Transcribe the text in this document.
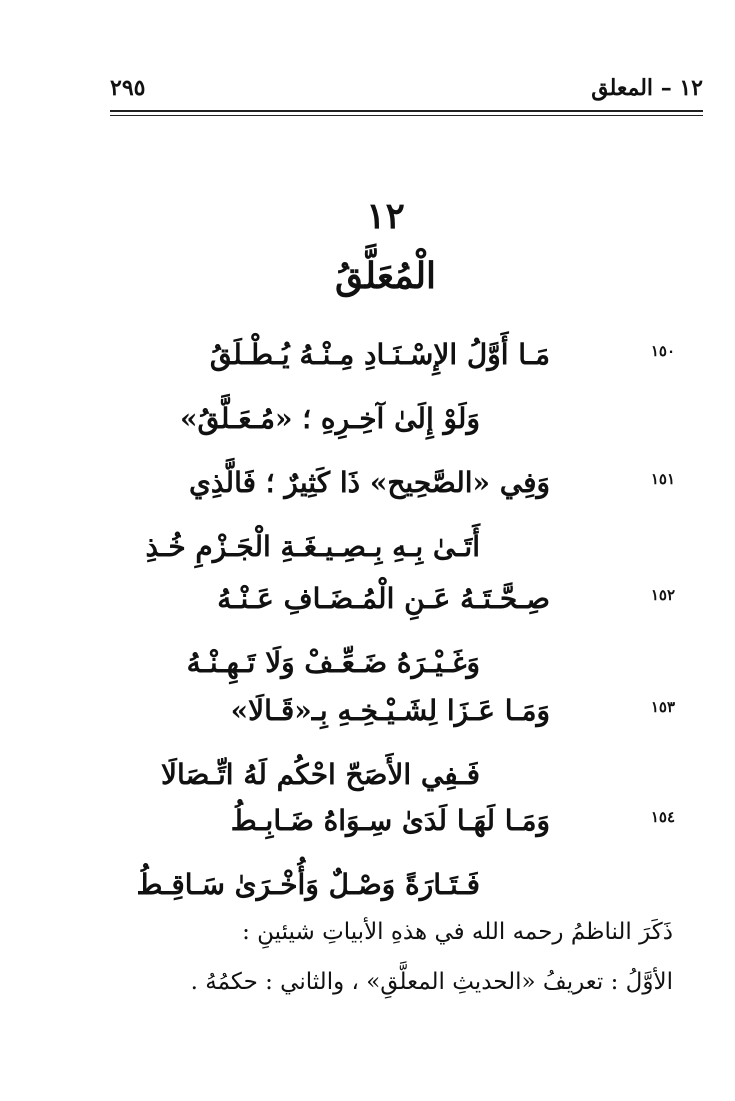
١٢ – المعلق
٢٩٥
١٢
الْمُعَلَّقُ
١٥٠
مَـا أَوَّلُ الإِسْـنَـادِ مِـنْـهُ يُـطْـلَقُ
وَلَوْ إِلَىٰ آخِـرِهِ ؛ «مُـعَـلَّقُ»
١٥١
وَفِي «الصَّحِيح» ذَا كَثِيرٌ ؛ فَالَّذِي
أَتَـىٰ بِـهِ بِـصِـيـغَـةِ الْجَـزْمِ خُـذِ
١٥٢
صِـحَّـتَـهُ عَـنِ الْمُـضَـافِ عَـنْـهُ
وَغَـيْـرَهُ ضَـعِّـفْ وَلَا تَـهِـنْـهُ
١٥٣
وَمَـا عَـزَا لِشَـيْـخِـهِ بِـ«قَـالَا»
فَـفِي الأَصَحّ احْكُم لَهُ اتِّـصَالَا
١٥٤
وَمَـا لَهَـا لَدَىٰ سِـوَاهُ ضَـابِـطُ
فَـتَـارَةً وَصْـلٌ وَأُخْـرَىٰ سَـاقِـطُ
ذَكَرَ الناظمُ رحمه الله في هذهِ الأبياتِ شيئينِ :
الأوَّلُ : تعريفُ «الحديثِ المعلَّقِ» ، والثاني : حكمُهُ .
